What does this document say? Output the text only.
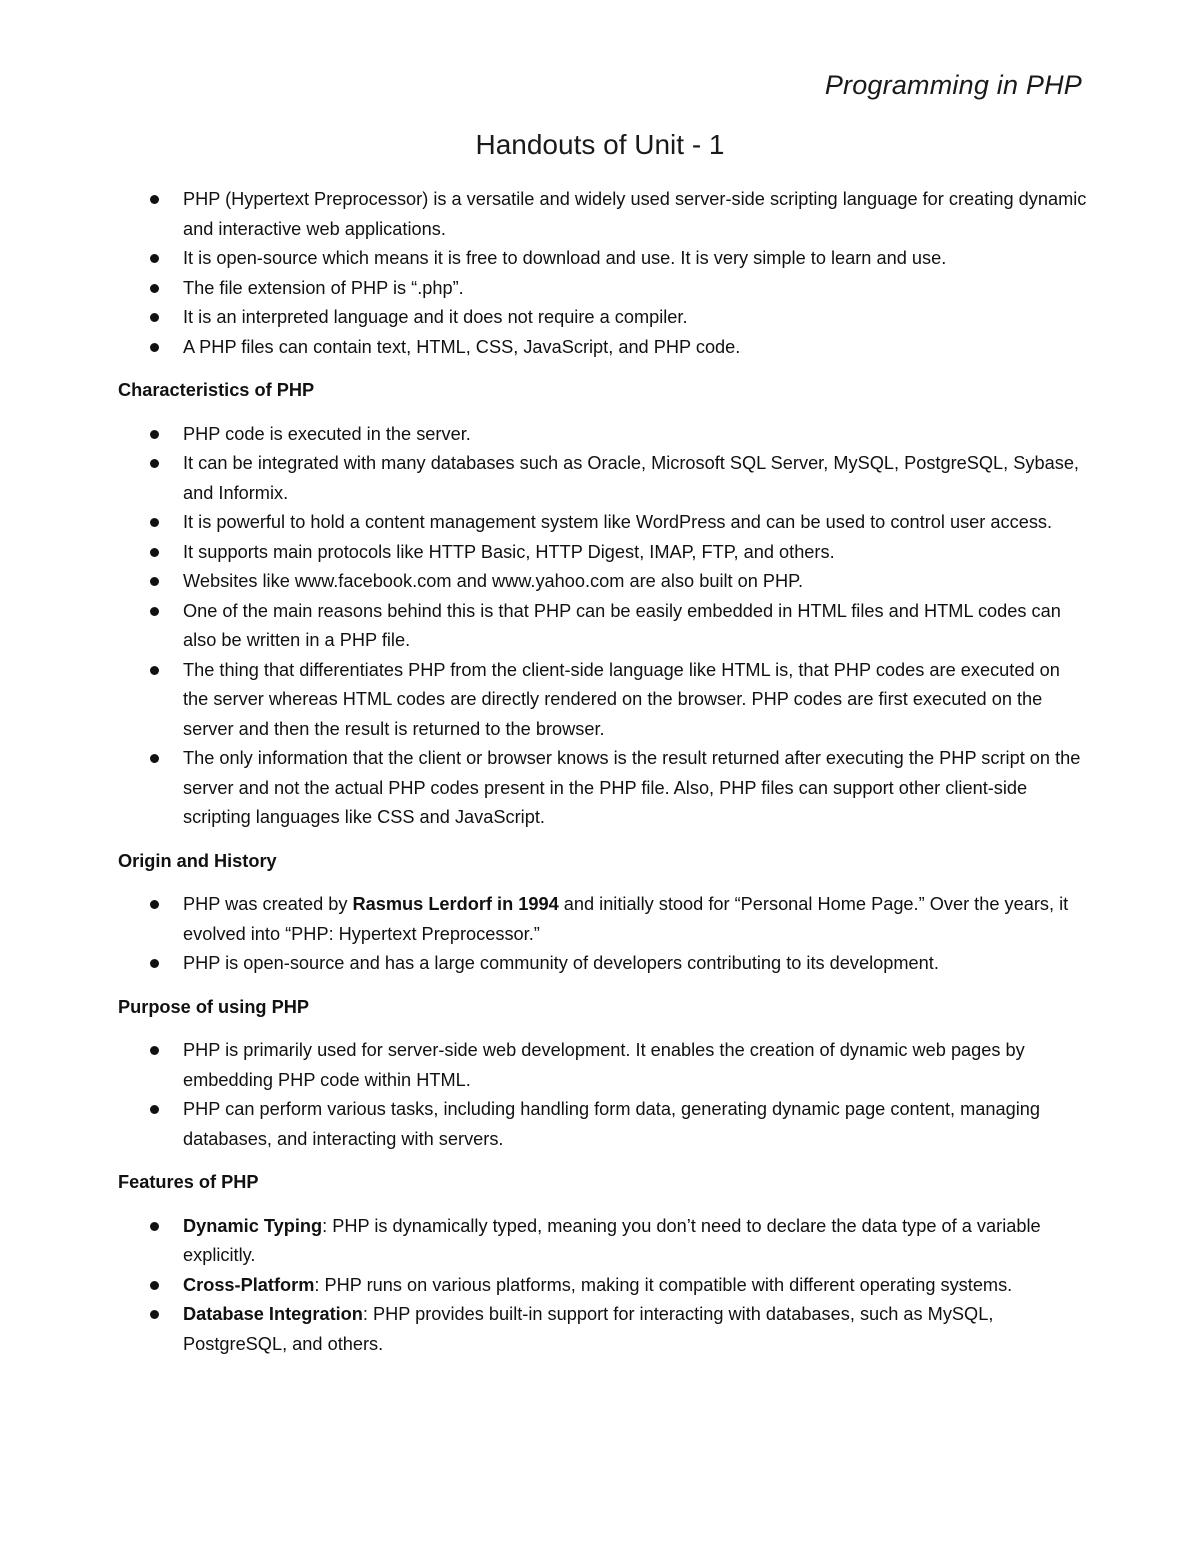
Programming in PHP
Handouts of Unit - 1
PHP (Hypertext Preprocessor) is a versatile and widely used server-side scripting language for creating dynamic and interactive web applications.
It is open-source which means it is free to download and use. It is very simple to learn and use.
The file extension of PHP is “.php”.
It is an interpreted language and it does not require a compiler.
A PHP files can contain text, HTML, CSS, JavaScript, and PHP code.
Characteristics of PHP
PHP code is executed in the server.
It can be integrated with many databases such as Oracle, Microsoft SQL Server, MySQL, PostgreSQL, Sybase, and Informix.
It is powerful to hold a content management system like WordPress and can be used to control user access.
It supports main protocols like HTTP Basic, HTTP Digest, IMAP, FTP, and others.
Websites like www.facebook.com and www.yahoo.com are also built on PHP.
One of the main reasons behind this is that PHP can be easily embedded in HTML files and HTML codes can also be written in a PHP file.
The thing that differentiates PHP from the client-side language like HTML is, that PHP codes are executed on the server whereas HTML codes are directly rendered on the browser. PHP codes are first executed on the server and then the result is returned to the browser.
The only information that the client or browser knows is the result returned after executing the PHP script on the server and not the actual PHP codes present in the PHP file. Also, PHP files can support other client-side scripting languages like CSS and JavaScript.
Origin and History
PHP was created by Rasmus Lerdorf in 1994 and initially stood for “Personal Home Page.” Over the years, it evolved into “PHP: Hypertext Preprocessor.”
PHP is open-source and has a large community of developers contributing to its development.
Purpose of using PHP
PHP is primarily used for server-side web development. It enables the creation of dynamic web pages by embedding PHP code within HTML.
PHP can perform various tasks, including handling form data, generating dynamic page content, managing databases, and interacting with servers.
Features of PHP
Dynamic Typing: PHP is dynamically typed, meaning you don’t need to declare the data type of a variable explicitly.
Cross-Platform: PHP runs on various platforms, making it compatible with different operating systems.
Database Integration: PHP provides built-in support for interacting with databases, such as MySQL, PostgreSQL, and others.
